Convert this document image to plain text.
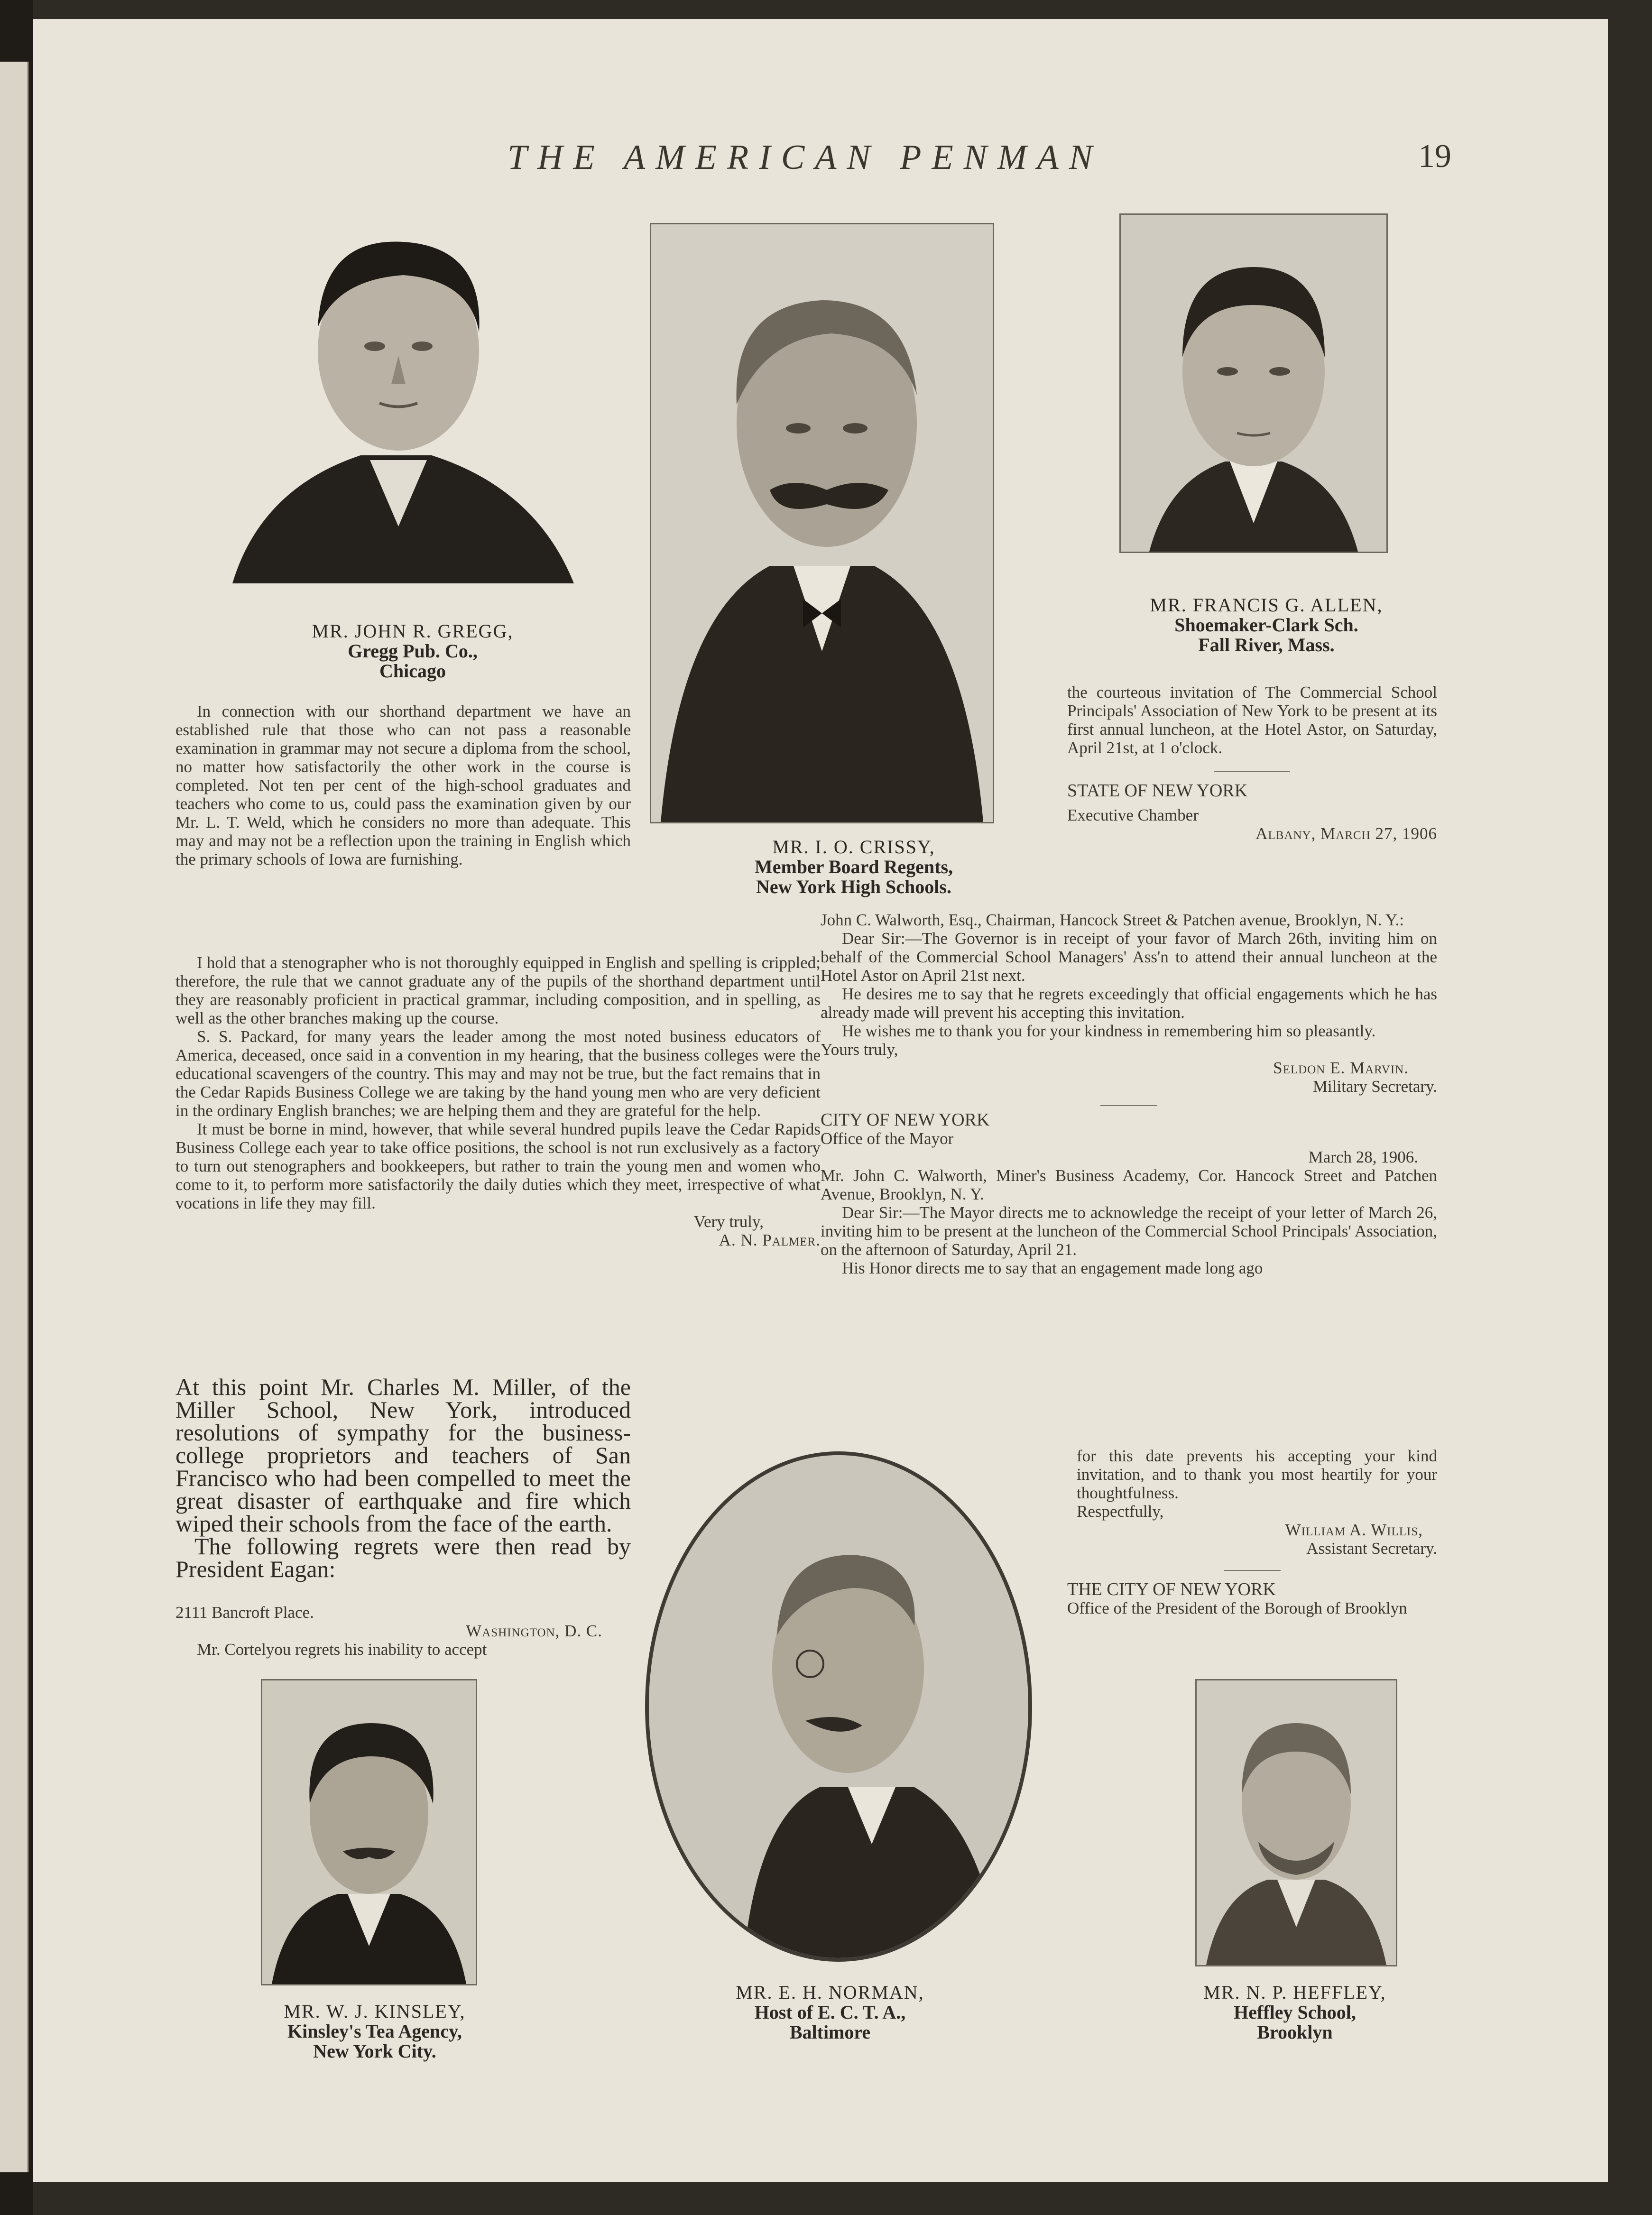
THE AMERICAN PENMAN	19
MR. JOHN R. GREGG,
Gregg Pub. Co.,
Chicago
MR. I. O. CRISSY,
Member Board Regents,
New York High Schools.
MR. FRANCIS G. ALLEN,
Shoemaker-Clark Sch.
Fall River, Mass.
In connection with our shorthand department we have an established rule that those who can not pass a reasonable examination in grammar may not secure a diploma from the school, no matter how satisfactorily the other work in the course is completed. Not ten per cent of the high-school graduates and teachers who come to us, could pass the examination given by our Mr. L. T. Weld, which he considers no more than adequate. This may and may not be a reflection upon the training in English which the primary schools of Iowa are furnishing.
I hold that a stenographer who is not thoroughly equipped in English and spelling is crippled; therefore, the rule that we cannot graduate any of the pupils of the shorthand department until they are reasonably proficient in practical grammar, including composition, and in spelling, as well as the other branches making up the course.
S. S. Packard, for many years the leader among the most noted business educators of America, deceased, once said in a convention in my hearing, that the business colleges were the educational scavengers of the country. This may and may not be true, but the fact remains that in the Cedar Rapids Business College we are taking by the hand young men who are very deficient in the ordinary English branches; we are helping them and they are grateful for the help.
It must be borne in mind, however, that while several hundred pupils leave the Cedar Rapids Business College each year to take office positions, the school is not run exclusively as a factory to turn out stenographers and bookkeepers, but rather to train the young men and women who come to it, to perform more satisfactorily the daily duties which they meet, irrespective of what vocations in life they may fill.
Very truly,
A. N. Palmer.
At this point Mr. Charles M. Miller, of the Miller School, New York, introduced resolutions of sympathy for the business-college proprietors and teachers of San Francisco who had been compelled to meet the great disaster of earthquake and fire which wiped their schools from the face of the earth.
The following regrets were then read by President Eagan:
2111 Bancroft Place.
Washington, D. C.
Mr. Cortelyou regrets his inability to accept
the courteous invitation of The Commercial School Principals' Association of New York to be present at its first annual luncheon, at the Hotel Astor, on Saturday, April 21st, at 1 o'clock.
STATE OF NEW YORK
Executive Chamber
Albany, March 27, 1906
John C. Walworth, Esq., Chairman, Hancock Street & Patchen avenue, Brooklyn, N. Y.:
Dear Sir:—The Governor is in receipt of your favor of March 26th, inviting him on behalf of the Commercial School Managers' Ass'n to attend their annual luncheon at the Hotel Astor on April 21st next.
He desires me to say that he regrets exceedingly that official engagements which he has already made will prevent his accepting this invitation.
He wishes me to thank you for your kindness in remembering him so pleasantly.
Yours truly,
Seldon E. Marvin.
Military Secretary.
CITY OF NEW YORK
Office of the Mayor
March 28, 1906.
Mr. John C. Walworth, Miner's Business Academy, Cor. Hancock Street and Patchen Avenue, Brooklyn, N. Y.
Dear Sir:—The Mayor directs me to acknowledge the receipt of your letter of March 26, inviting him to be present at the luncheon of the Commercial School Principals' Association, on the afternoon of Saturday, April 21.
His Honor directs me to say that an engagement made long ago
for this date prevents his accepting your kind invitation, and to thank you most heartily for your thoughtfulness.
Respectfully,
William A. Willis,
Assistant Secretary.
THE CITY OF NEW YORK
Office of the President of the Borough of Brooklyn
MR. W. J. KINSLEY,
Kinsley's Tea Agency,
New York City.
MR. E. H. NORMAN,
Host of E. C. T. A.,
Baltimore
MR. N. P. HEFFLEY,
Heffley School,
Brooklyn
